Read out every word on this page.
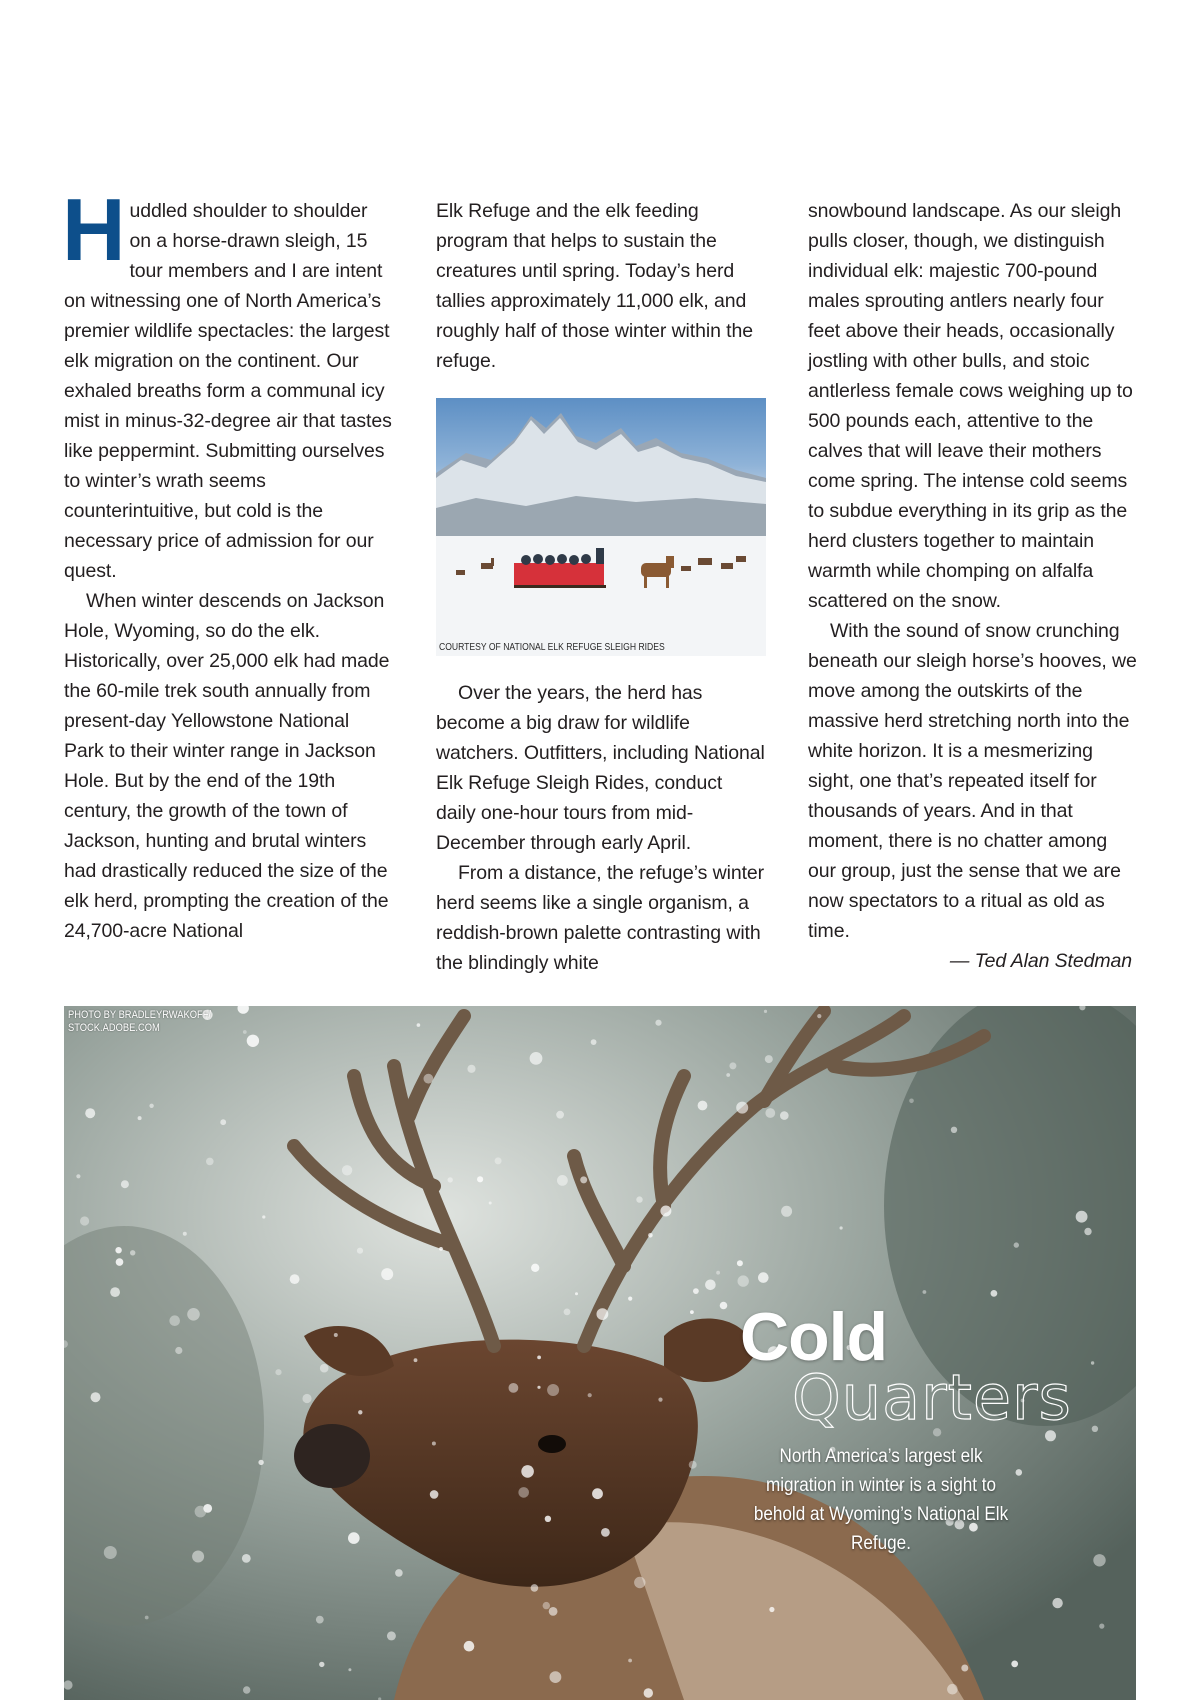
Huddled shoulder to shoulder on a horse-drawn sleigh, 15 tour members and I are intent on witnessing one of North America’s premier wildlife spectacles: the largest elk migration on the continent. Our exhaled breaths form a communal icy mist in minus-32-degree air that tastes like peppermint. Submitting ourselves to winter’s wrath seems counterintuitive, but cold is the necessary price of admission for our quest.

When winter descends on Jackson Hole, Wyoming, so do the elk. Historically, over 25,000 elk had made the 60-mile trek south annually from present-day Yellowstone National Park to their winter range in Jackson Hole. But by the end of the 19th century, the growth of the town of Jackson, hunting and brutal winters had drastically reduced the size of the elk herd, prompting the creation of the 24,700-acre National

Elk Refuge and the elk feeding program that helps to sustain the creatures until spring. Today’s herd tallies approximately 11,000 elk, and roughly half of those winter within the refuge.

COURTESY OF NATIONAL ELK REFUGE SLEIGH RIDES

Over the years, the herd has become a big draw for wildlife watchers. Outfitters, including National Elk Refuge Sleigh Rides, conduct daily one-hour tours from mid-December through early April.

From a distance, the refuge’s winter herd seems like a single organism, a reddish-brown palette contrasting with the blindingly white

snowbound landscape. As our sleigh pulls closer, though, we distinguish individual elk: majestic 700-pound males sprouting antlers nearly four feet above their heads, occasionally jostling with other bulls, and stoic antlerless female cows weighing up to 500 pounds each, attentive to the calves that will leave their mothers come spring. The intense cold seems to subdue everything in its grip as the herd clusters together to maintain warmth while chomping on alfalfa scattered on the snow.

With the sound of snow crunching beneath our sleigh horse’s hooves, we move among the outskirts of the massive herd stretching north into the white horizon. It is a mesmerizing sight, one that’s repeated itself for thousands of years. And in that moment, there is no chatter among our group, just the sense that we are now spectators to a ritual as old as time.

— Ted Alan Stedman

PHOTO BY BRADLEYRWAKOFF/
STOCK.ADOBE.COM
Cold
Quarters
North America’s largest elk migration in winter is a sight to behold at Wyoming’s National Elk Refuge.
